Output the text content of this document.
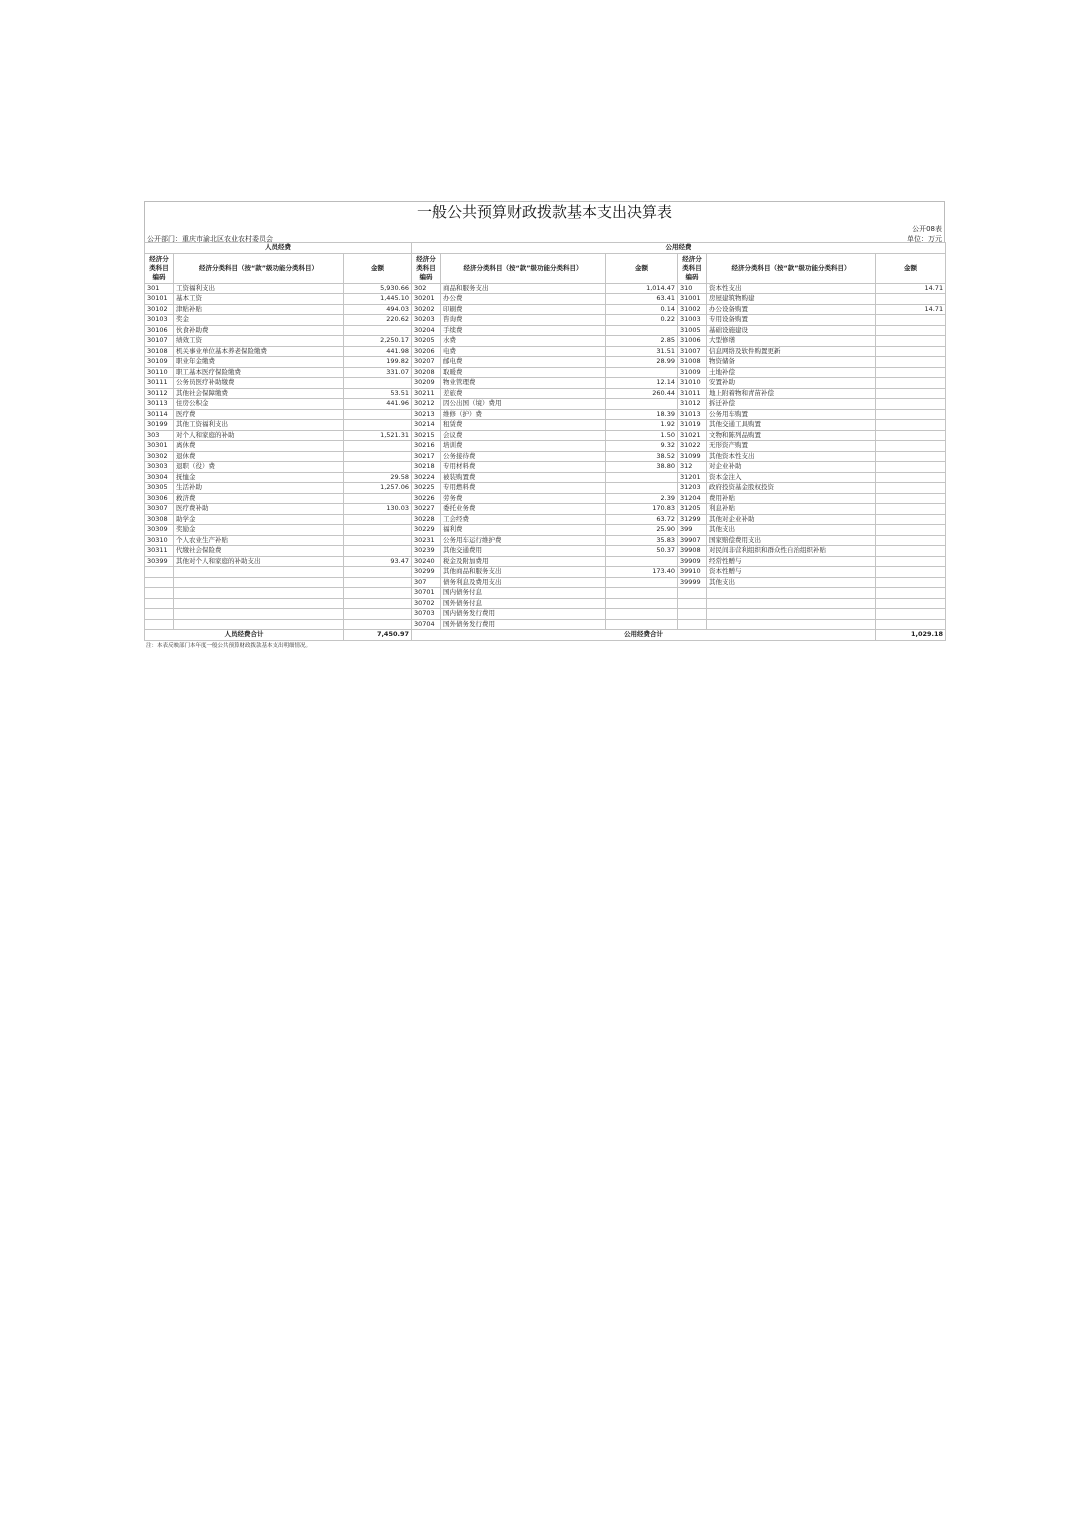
一般公共预算财政拨款基本支出决算表
公开部门：重庆市渝北区农业农村委员会
公开08表
单位：万元
人员经费			公用经费					
经济分类科目编码	经济分类科目（按“款”级功能分类科目）	金额	经济分类科目编码	经济分类科目（按“款”级功能分类科目）	金额	经济分类科目编码	经济分类科目（按“款”级功能分类科目）	金额
301	工资福利支出	5,930.66	302	商品和服务支出	1,014.47	310	资本性支出	14.71
30101	基本工资	1,445.10	30201	办公费	63.41	31001	房屋建筑物购建	
30102	津贴补贴	494.03	30202	印刷费	0.14	31002	办公设备购置	14.71
30103	奖金	220.62	30203	咨询费	0.22	31003	专用设备购置	
30106	伙食补助费		30204	手续费		31005	基础设施建设	
30107	绩效工资	2,250.17	30205	水费	2.85	31006	大型修缮	
30108	机关事业单位基本养老保险缴费	441.98	30206	电费	31.51	31007	信息网络及软件购置更新	
30109	职业年金缴费	199.82	30207	邮电费	28.99	31008	物资储备	
30110	职工基本医疗保险缴费	331.07	30208	取暖费		31009	土地补偿	
30111	公务员医疗补助缴费		30209	物业管理费	12.14	31010	安置补助	
30112	其他社会保障缴费	53.51	30211	差旅费	260.44	31011	地上附着物和青苗补偿	
30113	住房公积金	441.96	30212	因公出国（境）费用		31012	拆迁补偿	
30114	医疗费		30213	维修（护）费	18.39	31013	公务用车购置	
30199	其他工资福利支出		30214	租赁费	1.92	31019	其他交通工具购置	
303	对个人和家庭的补助	1,521.31	30215	会议费	1.50	31021	文物和陈列品购置	
30301	离休费		30216	培训费	9.32	31022	无形资产购置	
30302	退休费		30217	公务接待费	38.52	31099	其他资本性支出	
30303	退职（役）费		30218	专用材料费	38.80	312	对企业补助	
30304	抚恤金	29.58	30224	被装购置费		31201	资本金注入	
30305	生活补助	1,257.06	30225	专用燃料费		31203	政府投资基金股权投资	
30306	救济费		30226	劳务费	2.39	31204	费用补贴	
30307	医疗费补助	130.03	30227	委托业务费	170.83	31205	利息补贴	
30308	助学金		30228	工会经费	63.72	31299	其他对企业补助	
30309	奖励金		30229	福利费	25.90	399	其他支出	
30310	个人农业生产补贴		30231	公务用车运行维护费	35.83	39907	国家赔偿费用支出	
30311	代缴社会保险费		30239	其他交通费用	50.37	39908	对民间非营利组织和群众性自治组织补贴	
30399	其他对个人和家庭的补助支出	93.47	30240	税金及附加费用		39909	经常性赠与	
			30299	其他商品和服务支出	173.40	39910	资本性赠与	
			307	债务利息及费用支出		39999	其他支出	
			30701	国内债务付息				
			30702	国外债务付息				
			30703	国内债务发行费用				
			30704	国外债务发行费用				
人员经费合计		7,450.97	公用经费合计					1,029.18
注：本表反映部门本年度一般公共预算财政拨款基本支出明细情况。
